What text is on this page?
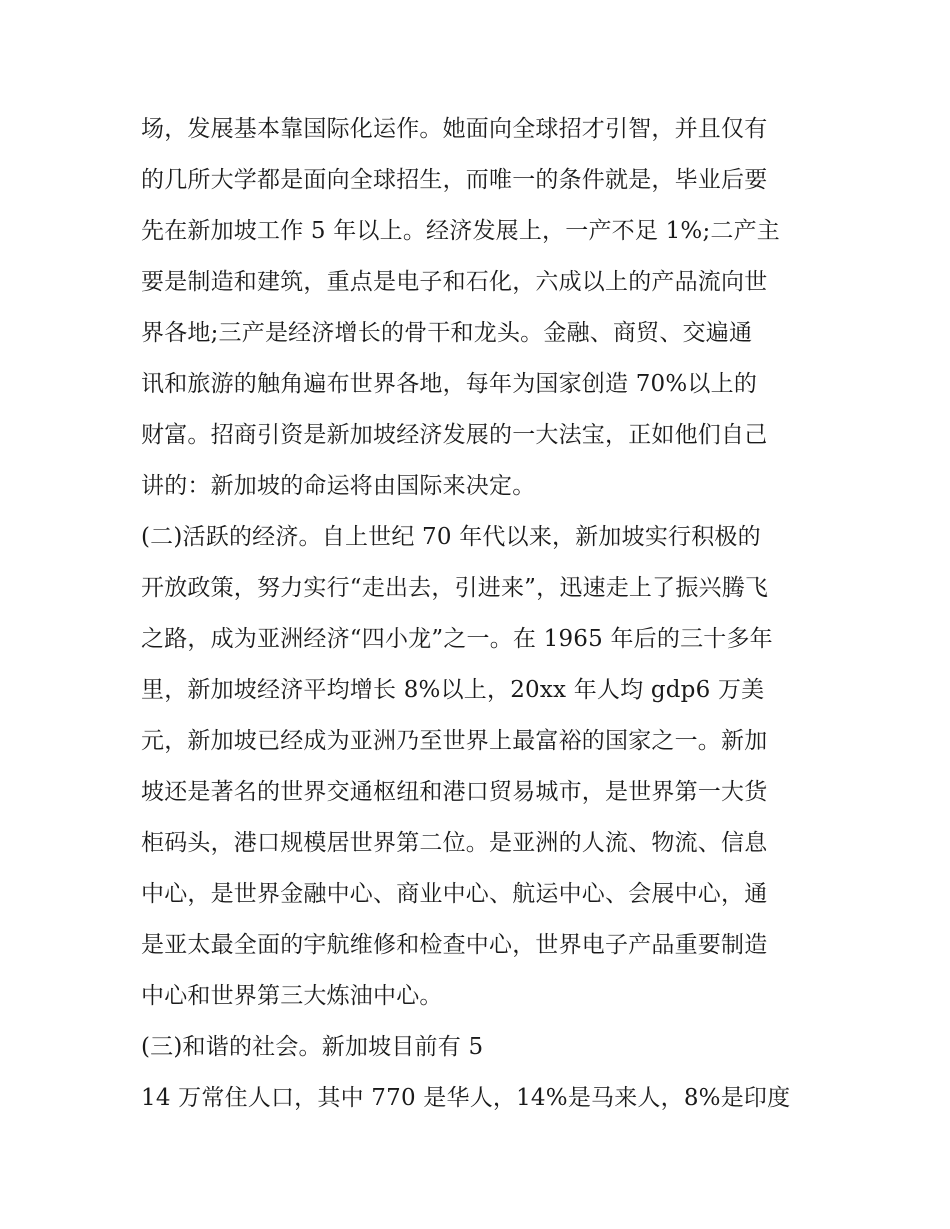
场，发展基本靠国际化运作。她面向全球招才引智，并且仅有
的几所大学都是面向全球招生，而唯一的条件就是，毕业后要
先在新加坡工作 5 年以上。经济发展上，一产不足 1%;二产主
要是制造和建筑，重点是电子和石化，六成以上的产品流向世
界各地;三产是经济增长的骨干和龙头。金融、商贸、交遍通
讯和旅游的触角遍布世界各地，每年为国家创造 70%以上的
财富。招商引资是新加坡经济发展的一大法宝，正如他们自己
讲的：新加坡的命运将由国际来决定。
(二)活跃的经济。自上世纪 70 年代以来，新加坡实行积极的
开放政策，努力实行“走出去，引进来”，迅速走上了振兴腾飞
之路，成为亚洲经济“四小龙”之一。在 1965 年后的三十多年
里，新加坡经济平均增长 8%以上，20xx 年人均 gdp6 万美
元，新加坡已经成为亚洲乃至世界上最富裕的国家之一。新加
坡还是著名的世界交通枢纽和港口贸易城市，是世界第一大货
柜码头，港口规模居世界第二位。是亚洲的人流、物流、信息
中心，是世界金融中心、商业中心、航运中心、会展中心，通
是亚太最全面的宇航维修和检查中心，世界电子产品重要制造
中心和世界第三大炼油中心。
(三)和谐的社会。新加坡目前有 5
14 万常住人口，其中 770 是华人，14%是马来人，8%是印度
